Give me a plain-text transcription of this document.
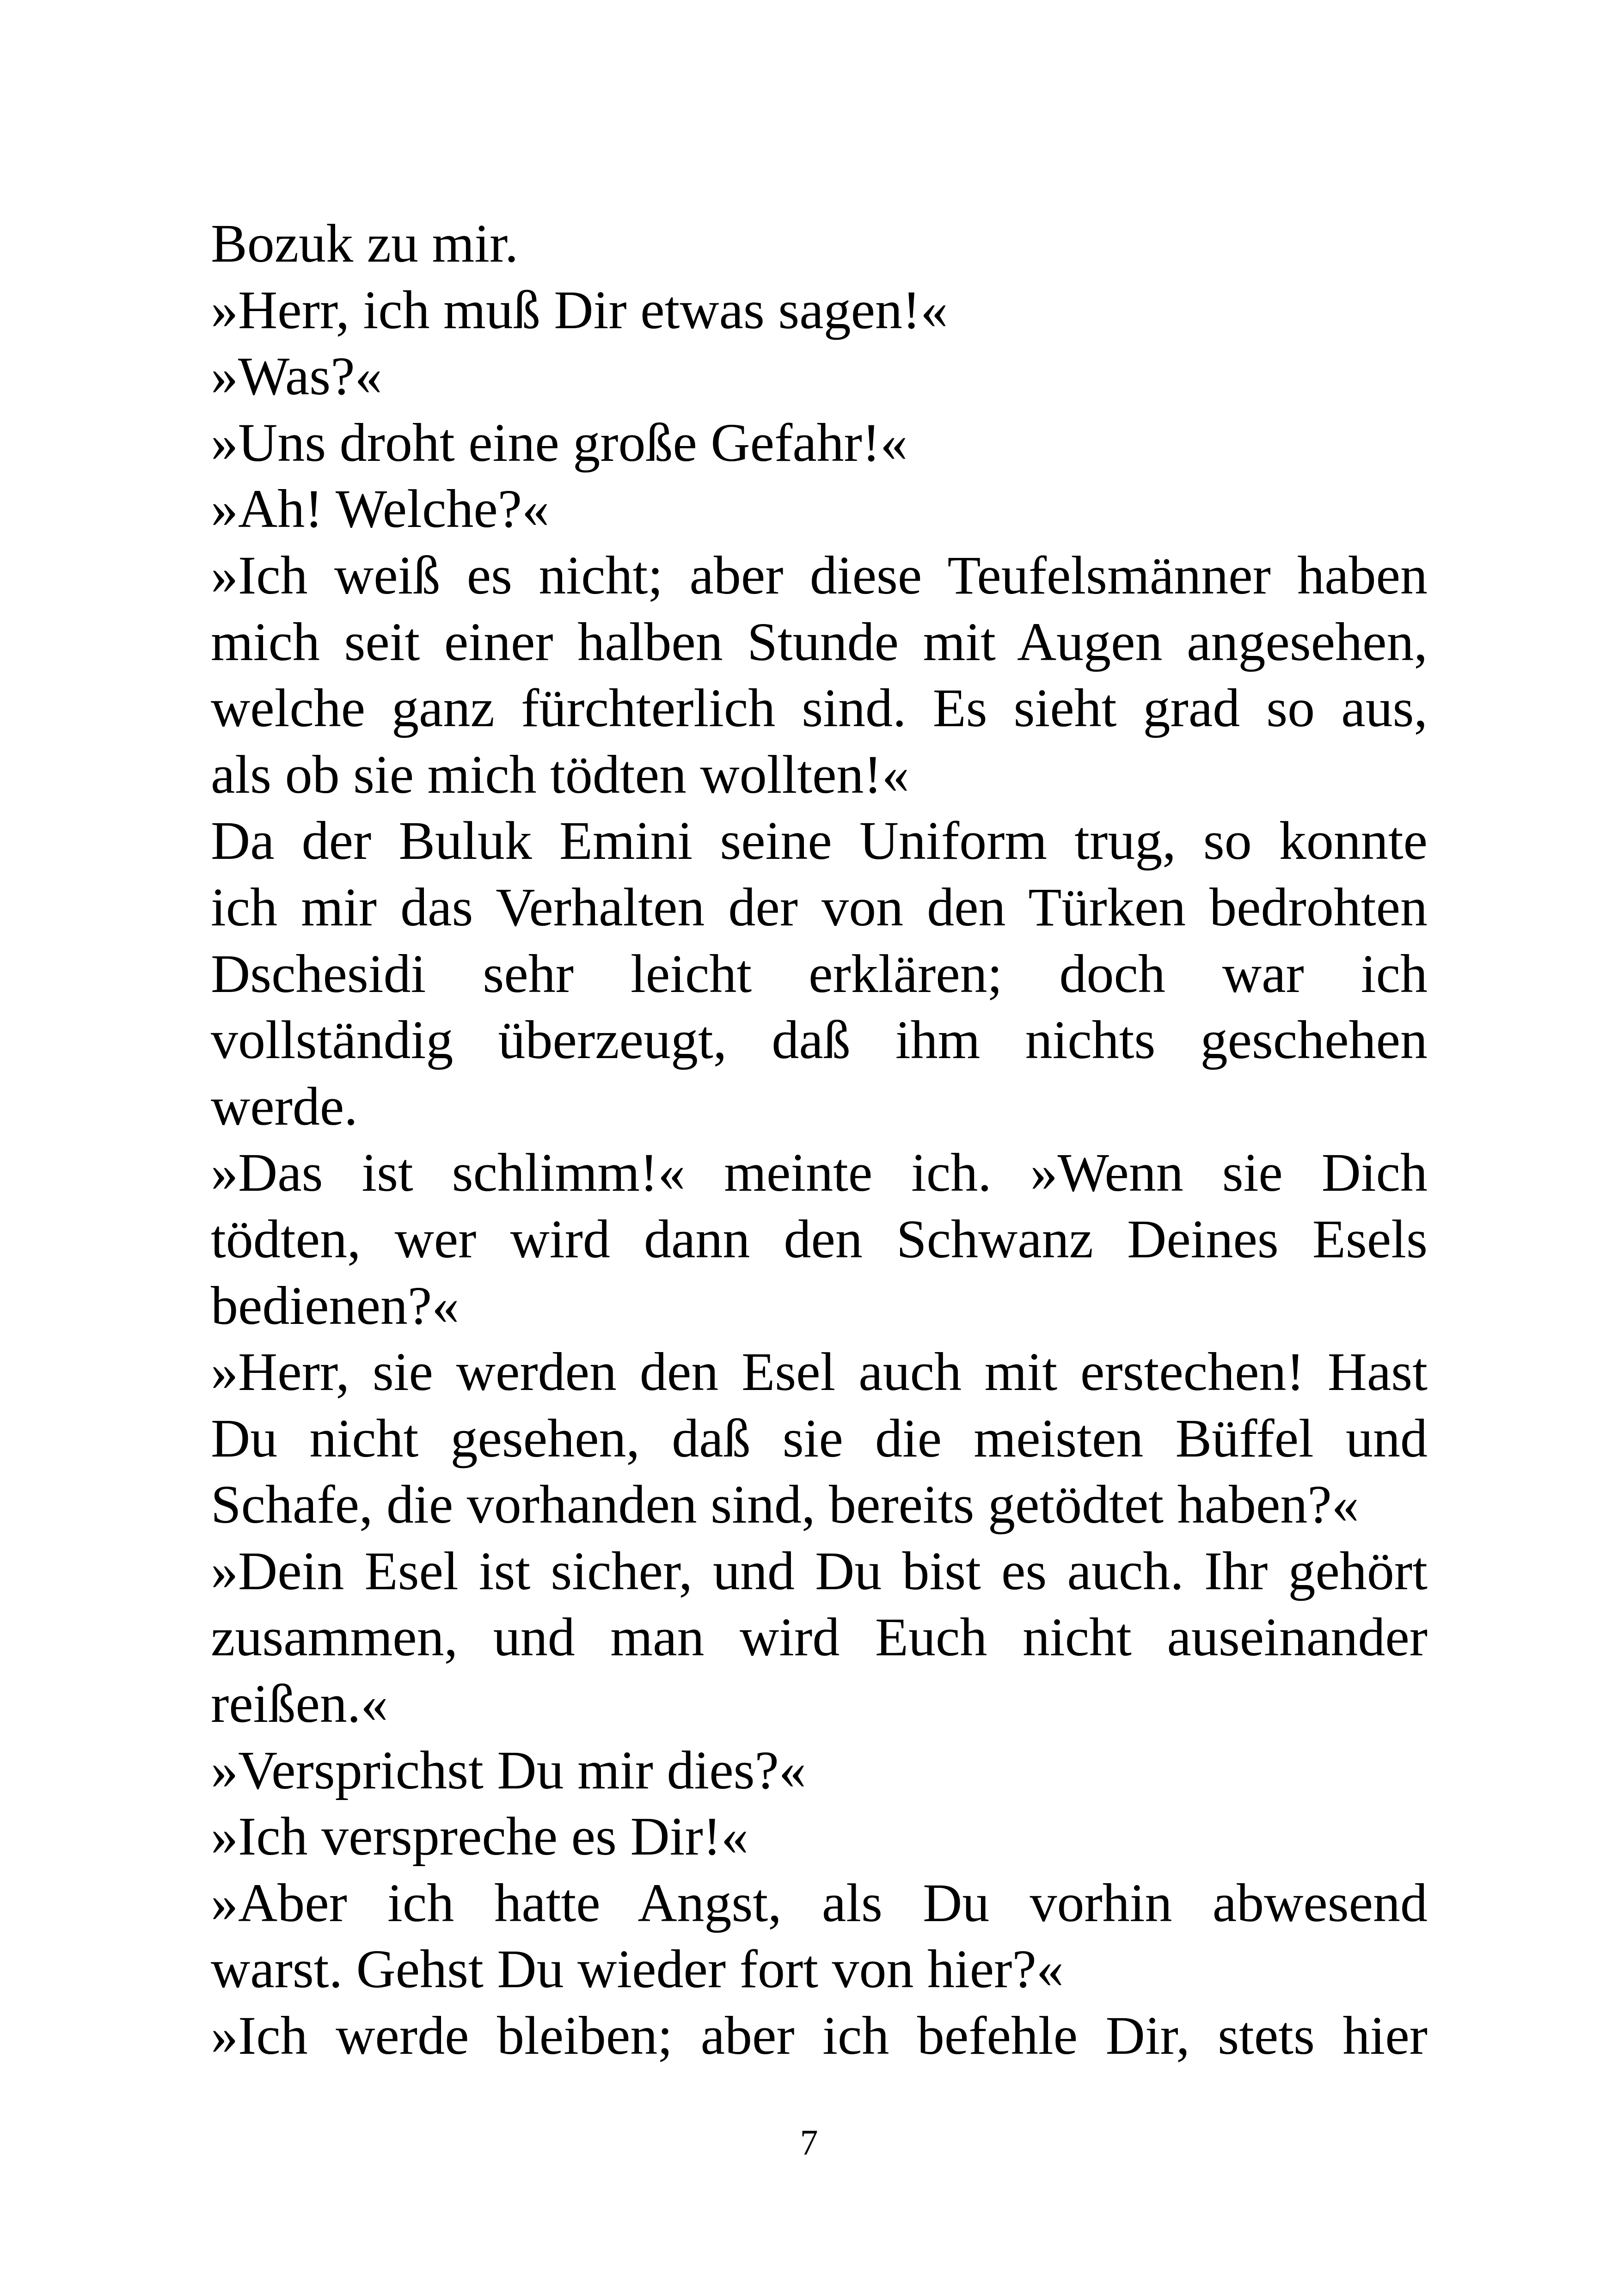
Bozuk zu mir.
»Herr, ich muß Dir etwas sagen!«
»Was?«
»Uns droht eine große Gefahr!«
»Ah! Welche?«
»Ich weiß es nicht; aber diese Teufelsmänner haben
mich seit einer halben Stunde mit Augen angesehen,
welche ganz fürchterlich sind. Es sieht grad so aus,
als ob sie mich tödten wollten!«
Da der Buluk Emini seine Uniform trug, so konnte
ich mir das Verhalten der von den Türken bedrohten
Dschesidi sehr leicht erklären; doch war ich
vollständig überzeugt, daß ihm nichts geschehen
werde.
»Das ist schlimm!« meinte ich. »Wenn sie Dich
tödten, wer wird dann den Schwanz Deines Esels
bedienen?«
»Herr, sie werden den Esel auch mit erstechen! Hast
Du nicht gesehen, daß sie die meisten Büffel und
Schafe, die vorhanden sind, bereits getödtet haben?«
»Dein Esel ist sicher, und Du bist es auch. Ihr gehört
zusammen, und man wird Euch nicht auseinander
reißen.«
»Versprichst Du mir dies?«
»Ich verspreche es Dir!«
»Aber ich hatte Angst, als Du vorhin abwesend
warst. Gehst Du wieder fort von hier?«
»Ich werde bleiben; aber ich befehle Dir, stets hier
7
